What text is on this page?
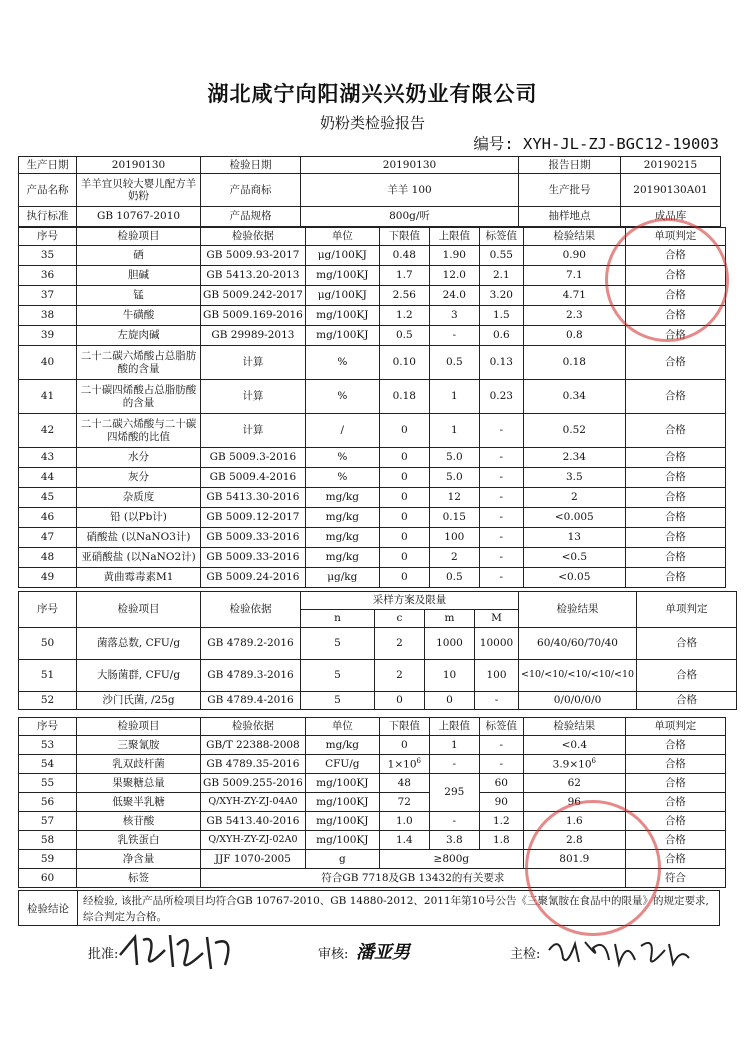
湖北咸宁向阳湖兴兴奶业有限公司
奶粉类检验报告
编号: XYH-JL-ZJ-BGC12-19003
生产日期	20190130	检验日期	20190130	报告日期	20190215
产品名称	羊羊宜贝较大婴儿配方羊奶粉	产品商标	羊羊 100	生产批号	20190130A01
执行标准	GB 10767-2010	产品规格	800g/听	抽样地点	成品库
序号	检验项目	检验依据	单位	下限值	上限值	标签值	检验结果	单项判定
35	硒	GB 5009.93-2017	μg/100KJ	0.48	1.90	0.55	0.90	合格
36	胆碱	GB 5413.20-2013	mg/100KJ	1.7	12.0	2.1	7.1	合格
37	锰	GB 5009.242-2017	μg/100KJ	2.56	24.0	3.20	4.71	合格
38	牛磺酸	GB 5009.169-2016	mg/100KJ	1.2	3	1.5	2.3	合格
39	左旋肉碱	GB 29989-2013	mg/100KJ	0.5	-	0.6	0.8	合格
40	二十二碳六烯酸占总脂肪酸的含量	计算	%	0.10	0.5	0.13	0.18	合格
41	二十碳四烯酸占总脂肪酸的含量	计算	%	0.18	1	0.23	0.34	合格
42	二十二碳六烯酸与二十碳四烯酸的比值	计算	/	0	1	-	0.52	合格
43	水分	GB 5009.3-2016	%	0	5.0	-	2.34	合格
44	灰分	GB 5009.4-2016	%	0	5.0	-	3.5	合格
45	杂质度	GB 5413.30-2016	mg/kg	0	12	-	2	合格
46	铅 (以Pb计)	GB 5009.12-2017	mg/kg	0	0.15	-	<0.005	合格
47	硝酸盐 (以NaNO3计)	GB 5009.33-2016	mg/kg	0	100	-	13	合格
48	亚硝酸盐 (以NaNO2计)	GB 5009.33-2016	mg/kg	0	2	-	<0.5	合格
49	黄曲霉毒素M1	GB 5009.24-2016	μg/kg	0	0.5	-	<0.05	合格
序号	检验项目	检验依据	采样方案及限量				检验结果	单项判定
			n	c	m	M		
50	菌落总数, CFU/g	GB 4789.2-2016	5	2	1000	10000	60/40/60/70/40	合格
51	大肠菌群, CFU/g	GB 4789.3-2016	5	2	10	100	<10/<10/<10/<10/<10	合格
52	沙门氏菌, /25g	GB 4789.4-2016	5	0	0	-	0/0/0/0/0	合格
序号	检验项目	检验依据	单位	下限值	上限值	标签值	检验结果	单项判定
53	三聚氰胺	GB/T 22388-2008	mg/kg	0	1	-	<0.4	合格
54	乳双歧杆菌	GB 4789.35-2016	CFU/g	$1\times 10^6$	-	-	$3.9\times 10^6$	合格
55	果聚糖总量	GB 5009.255-2016	mg/100KJ	48	295	60	62	合格
56	低聚半乳糖	Q/XYH-ZY-ZJ-04A0	mg/100KJ	72		90	96	合格
57	核苷酸	GB 5413.40-2016	mg/100KJ	1.0	-	1.2	1.6	合格
58	乳铁蛋白	Q/XYH-ZY-ZJ-02A0	mg/100KJ	1.4	3.8	1.8	2.8	合格
59	净含量	JJF 1070-2005	g	≥800g			801.9	合格
60	标签	符合GB 7718及GB 13432的有关要求						符合
检验结论
经检验, 该批产品所检项目均符合GB 10767-2010、GB 14880-2012、2011年第10号公告《三聚氰胺在食品中的限量》的规定要求, 综合判定为合格。
批准:	审核: 潘亚男	主检:
